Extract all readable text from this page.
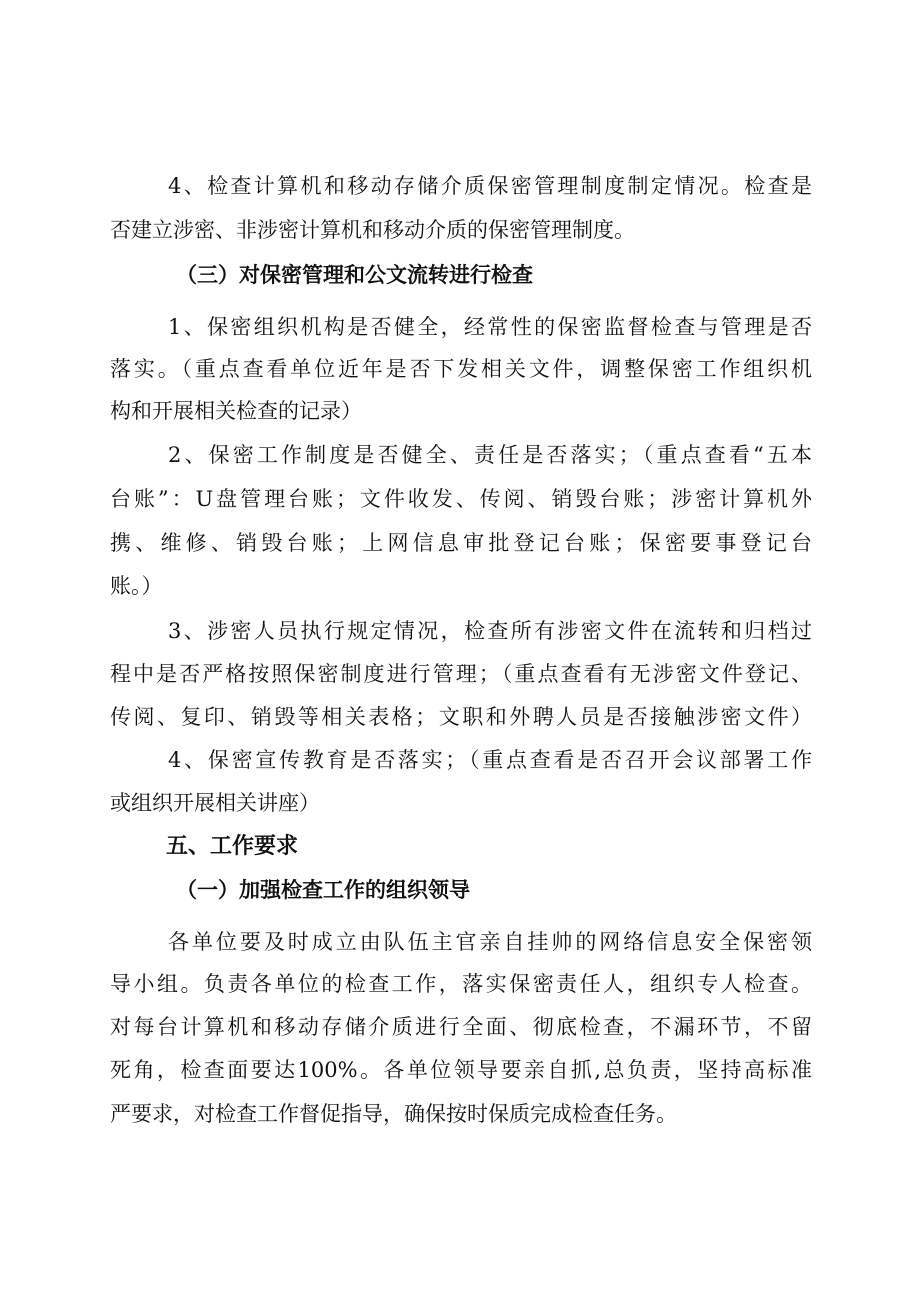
4、检查计算机和移动存储介质保密管理制度制定情况。检查是
否建立涉密、非涉密计算机和移动介质的保密管理制度。
（三）对保密管理和公文流转进行检查
1、保密组织机构是否健全，经常性的保密监督检查与管理是否
落实。（重点查看单位近年是否下发相关文件，调整保密工作组织机
构和开展相关检查的记录）
2、保密工作制度是否健全、责任是否落实；（重点查看“五本
台账”：U盘管理台账；文件收发、传阅、销毁台账；涉密计算机外
携、维修、销毁台账；上网信息审批登记台账；保密要事登记台
账。）
3、涉密人员执行规定情况，检查所有涉密文件在流转和归档过
程中是否严格按照保密制度进行管理；（重点查看有无涉密文件登记、
传阅、复印、销毁等相关表格；文职和外聘人员是否接触涉密文件）
4、保密宣传教育是否落实；（重点查看是否召开会议部署工作
或组织开展相关讲座）
五、工作要求
（一）加强检查工作的组织领导
各单位要及时成立由队伍主官亲自挂帅的网络信息安全保密领
导小组。负责各单位的检查工作，落实保密责任人，组织专人检查。
对每台计算机和移动存储介质进行全面、彻底检查，不漏环节，不留
死角，检查面要达100%。各单位领导要亲自抓,总负责，坚持高标准
严要求，对检查工作督促指导，确保按时保质完成检查任务。
